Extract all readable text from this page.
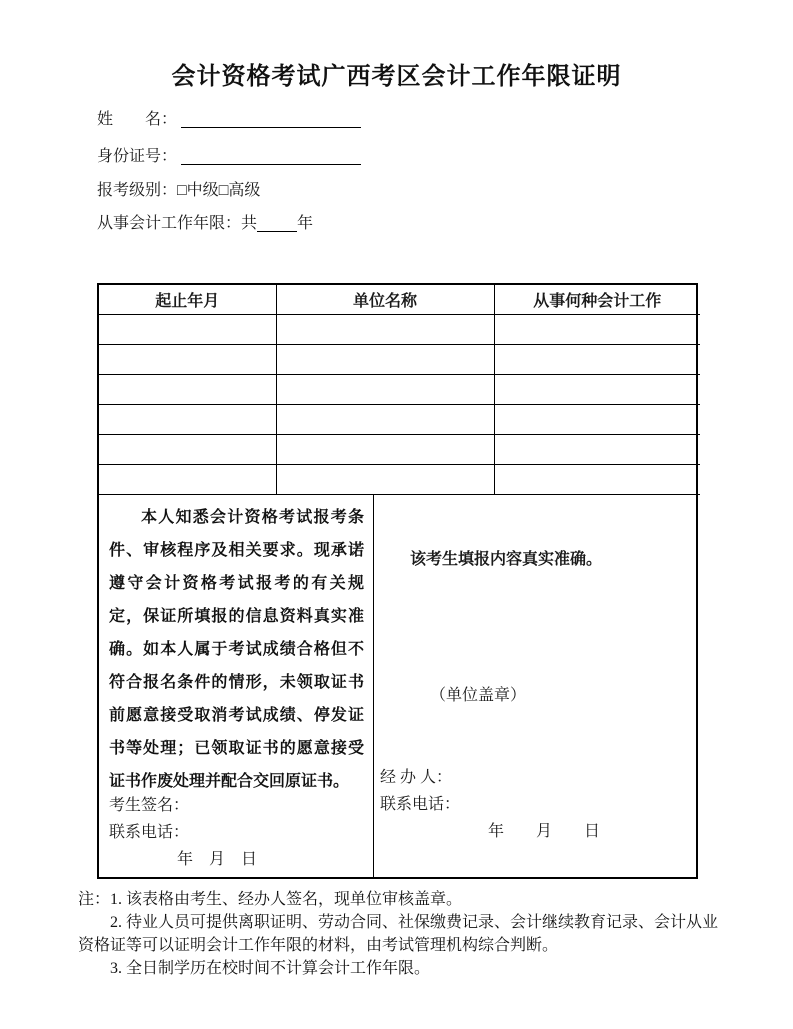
会计资格考试广西考区会计工作年限证明
姓　　名：
身份证号：
报考级别：□中级□高级
从事会计工作年限：共	年
起止年月	单位名称	从事何种会计工作

本人知悉会计资格考试报考条件、审核程序及相关要求。现承诺遵守会计资格考试报考的有关规定，保证所填报的信息资料真实准确。如本人属于考试成绩合格但不符合报名条件的情形，未领取证书前愿意接受取消考试成绩、停发证书等处理；已领取证书的愿意接受证书作废处理并配合交回原证书。

考生签名：
联系电话：
年　月　日
该考生填报内容真实准确。
（单位盖章）
经 办 人：
联系电话：
年　　月　　日

注：1. 该表格由考生、经办人签名，现单位审核盖章。

2. 待业人员可提供离职证明、劳动合同、社保缴费记录、会计继续教育记录、会计从业资格证等可以证明会计工作年限的材料，由考试管理机构综合判断。

3. 全日制学历在校时间不计算会计工作年限。
